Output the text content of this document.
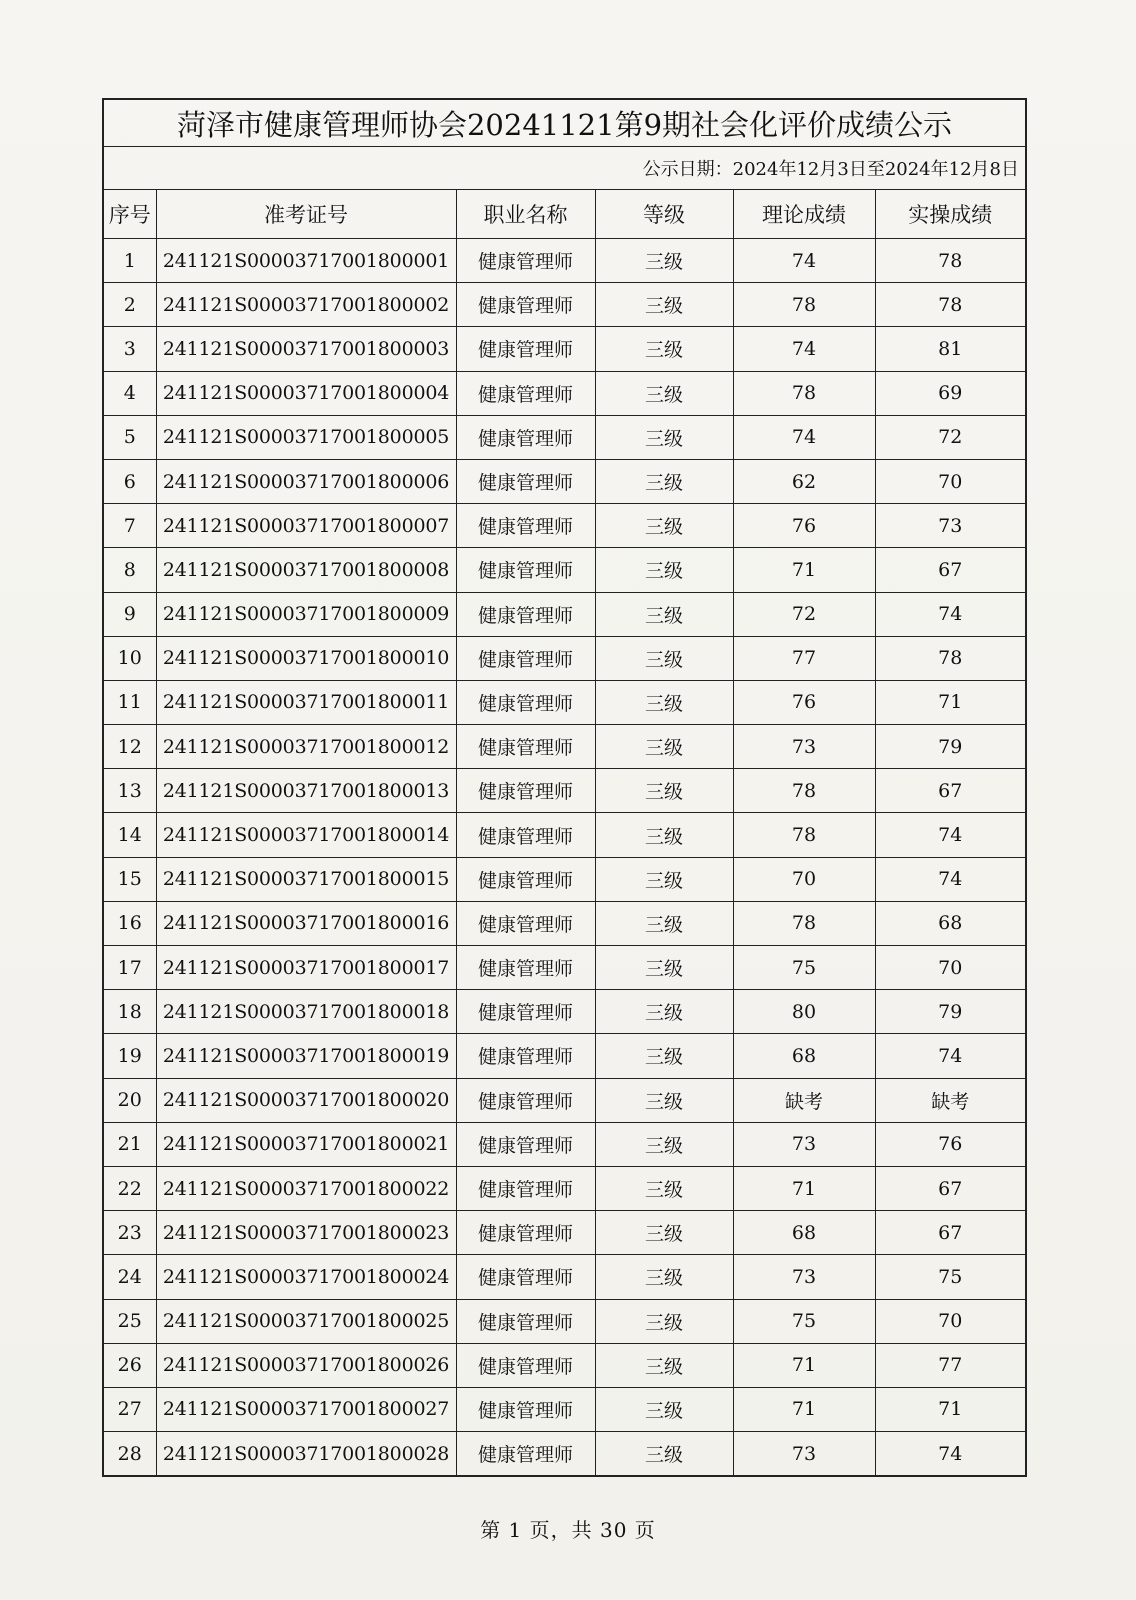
菏泽市健康管理师协会20241121第9期社会化评价成绩公示
公示日期：2024年12月3日至2024年12月8日
序号	准考证号	职业名称	等级	理论成绩	实操成绩
1	241121S00003717001800001	健康管理师	三级	74	78
2	241121S00003717001800002	健康管理师	三级	78	78
3	241121S00003717001800003	健康管理师	三级	74	81
4	241121S00003717001800004	健康管理师	三级	78	69
5	241121S00003717001800005	健康管理师	三级	74	72
6	241121S00003717001800006	健康管理师	三级	62	70
7	241121S00003717001800007	健康管理师	三级	76	73
8	241121S00003717001800008	健康管理师	三级	71	67
9	241121S00003717001800009	健康管理师	三级	72	74
10	241121S00003717001800010	健康管理师	三级	77	78
11	241121S00003717001800011	健康管理师	三级	76	71
12	241121S00003717001800012	健康管理师	三级	73	79
13	241121S00003717001800013	健康管理师	三级	78	67
14	241121S00003717001800014	健康管理师	三级	78	74
15	241121S00003717001800015	健康管理师	三级	70	74
16	241121S00003717001800016	健康管理师	三级	78	68
17	241121S00003717001800017	健康管理师	三级	75	70
18	241121S00003717001800018	健康管理师	三级	80	79
19	241121S00003717001800019	健康管理师	三级	68	74
20	241121S00003717001800020	健康管理师	三级	缺考	缺考
21	241121S00003717001800021	健康管理师	三级	73	76
22	241121S00003717001800022	健康管理师	三级	71	67
23	241121S00003717001800023	健康管理师	三级	68	67
24	241121S00003717001800024	健康管理师	三级	73	75
25	241121S00003717001800025	健康管理师	三级	75	70
26	241121S00003717001800026	健康管理师	三级	71	77
27	241121S00003717001800027	健康管理师	三级	71	71
28	241121S00003717001800028	健康管理师	三级	73	74
第 1 页，共 30 页
